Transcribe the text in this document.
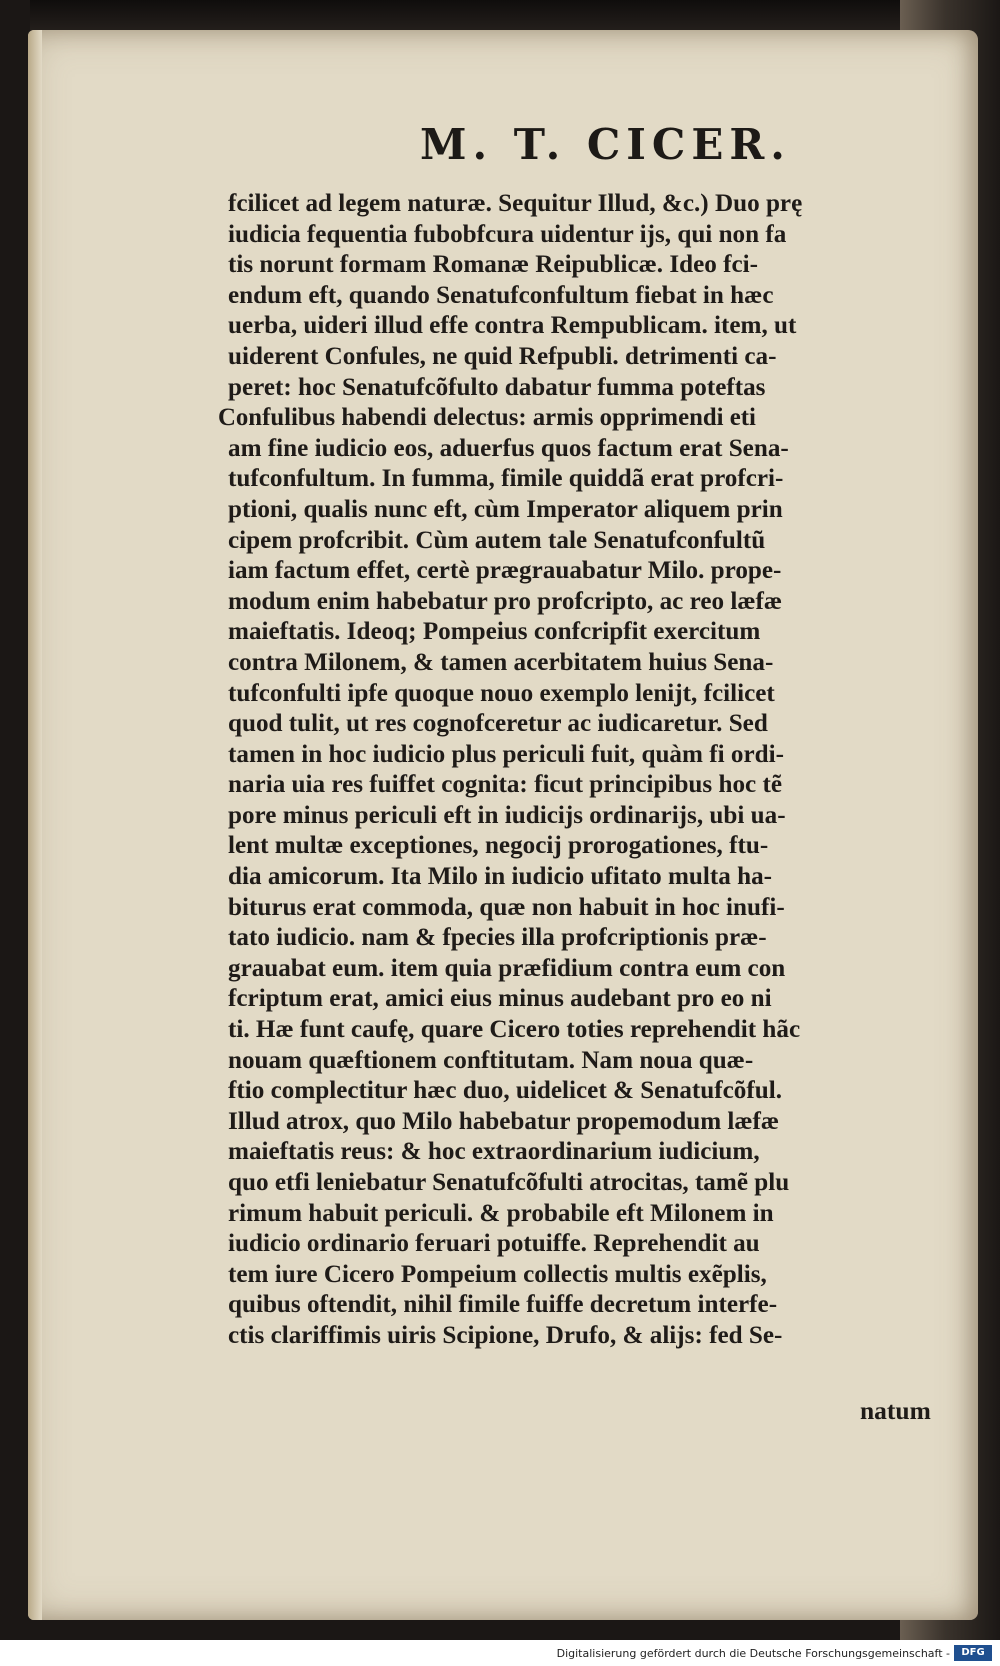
M. T. CICER.
fcilicet ad legem naturæ. Sequitur Illud, &c.) Duo prę
iudicia fequentia fubobfcura uidentur ijs, qui non fa
tis norunt formam Romanæ Reipublicæ. Ideo fci-
endum eft, quando Senatufconfultum fiebat in hæc
uerba, uideri illud effe contra Rempublicam. item, ut
uiderent Confules, ne quid Refpubli. detrimenti ca-
peret: hoc Senatufcõfulto dabatur fumma poteftas
Confulibus habendi delectus: armis opprimendi eti
am fine iudicio eos, aduerfus quos factum erat Sena-
tufconfultum. In fumma, fimile quiddã erat profcri-
ptioni, qualis nunc eft, cùm Imperator aliquem prin
cipem profcribit. Cùm autem tale Senatufconfultũ
iam factum effet, certè prægrauabatur Milo. prope-
modum enim habebatur pro profcripto, ac reo læfæ
maieftatis. Ideoq; Pompeius confcripfit exercitum
contra Milonem, & tamen acerbitatem huius Sena-
tufconfulti ipfe quoque nouo exemplo lenijt, fcilicet
quod tulit, ut res cognofceretur ac iudicaretur. Sed
tamen in hoc iudicio plus periculi fuit, quàm fi ordi-
naria uia res fuiffet cognita: ficut principibus hoc tẽ
pore minus periculi eft in iudicijs ordinarijs, ubi ua-
lent multæ exceptiones, negocij prorogationes, ftu-
dia amicorum. Ita Milo in iudicio ufitato multa ha-
biturus erat commoda, quæ non habuit in hoc inufi-
tato iudicio. nam & fpecies illa profcriptionis præ-
grauabat eum. item quia præfidium contra eum con
fcriptum erat, amici eius minus audebant pro eo ni
ti. Hæ funt caufę, quare Cicero toties reprehendit hãc
nouam quæftionem conftitutam. Nam noua quæ-
ftio complectitur hæc duo, uidelicet & Senatufcõful.
Illud atrox, quo Milo habebatur propemodum læfæ
maieftatis reus: & hoc extraordinarium iudicium,
quo etfi leniebatur Senatufcõfulti atrocitas, tamẽ plu
rimum habuit periculi. & probabile eft Milonem in
iudicio ordinario feruari potuiffe. Reprehendit au
tem iure Cicero Pompeium collectis multis exẽplis,
quibus oftendit, nihil fimile fuiffe decretum interfe-
ctis clariffimis uiris Scipione, Drufo, & alijs: fed Se-
natum
Digitalisierung gefördert durch die Deutsche Forschungsgemeinschaft -	DFG
